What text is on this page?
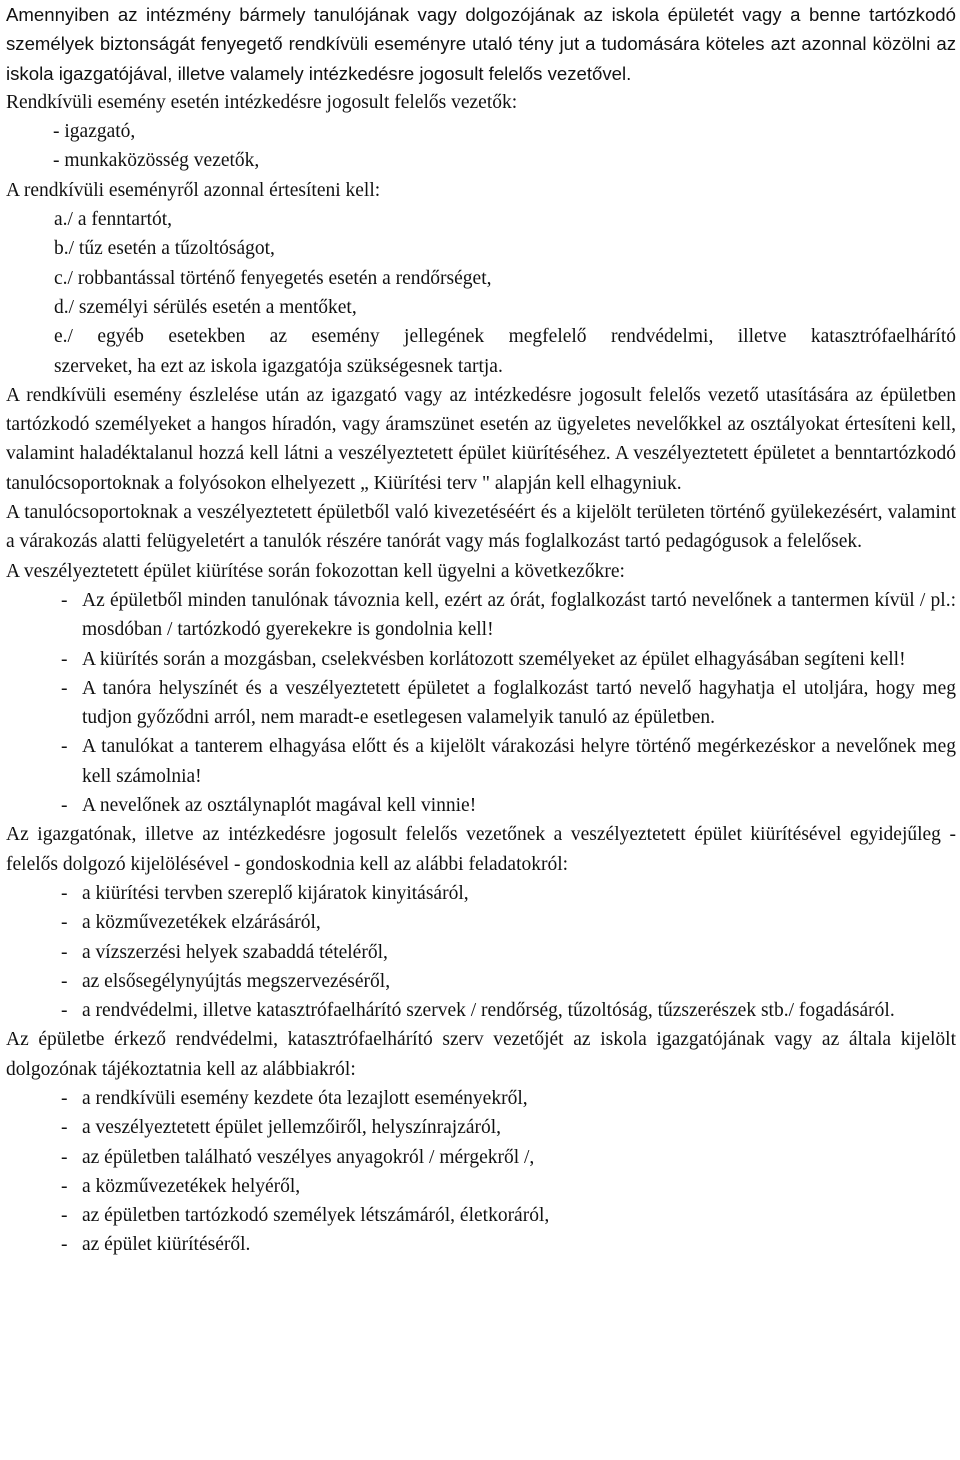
Amennyiben az intézmény bármely tanulójának vagy dolgozójának az iskola épületét vagy a benne tartózkodó személyek biztonságát fenyegető rendkívüli eseményre utaló tény jut a tudomására köteles azt azonnal közölni az iskola igazgatójával, illetve valamely intézkedésre jogosult felelős vezetővel.

Rendkívüli esemény esetén intézkedésre jogosult felelős vezetők:

- igazgató,

- munkaközösség vezetők,

A rendkívüli eseményről azonnal értesíteni kell:

a./ a fenntartót,

b./ tűz esetén a tűzoltóságot,

c./ robbantással történő fenyegetés esetén a rendőrséget,

d./ személyi sérülés esetén a mentőket,

e./ egyéb esetekben az esemény jellegének megfelelő rendvédelmi, illetve katasztrófaelhárító

szerveket, ha ezt az iskola igazgatója szükségesnek tartja.

A rendkívüli esemény észlelése után az igazgató vagy az intézkedésre jogosult felelős vezető utasítására az épületben tartózkodó személyeket a hangos híradón, vagy áramszünet esetén az ügyeletes nevelőkkel az osztályokat értesíteni kell, valamint haladéktalanul hozzá kell látni a veszélyeztetett épület kiürítéséhez. A veszélyeztetett épületet a benntartózkodó tanulócsoportoknak a folyósokon elhelyezett „ Kiürítési terv " alapján kell elhagyniuk.

A tanulócsoportoknak a veszélyeztetett épületből való kivezetéséért és a kijelölt területen történő gyülekezésért, valamint a várakozás alatti felügyeletért a tanulók részére tanórát vagy más foglalkozást tartó pedagógusok a felelősek.

A veszélyeztetett épület kiürítése során fokozottan kell ügyelni a következőkre:

- Az épületből minden tanulónak távoznia kell, ezért az órát, foglalkozást tartó nevelőnek a tantermen kívül / pl.: mosdóban / tartózkodó gyerekekre is gondolnia kell!

- A kiürítés során a mozgásban, cselekvésben korlátozott személyeket az épület elhagyásában segíteni kell!

- A tanóra helyszínét és a veszélyeztetett épületet a foglalkozást tartó nevelő hagyhatja el utoljára, hogy meg tudjon győződni arról, nem maradt-e esetlegesen valamelyik tanuló az épületben.

- A tanulókat a tanterem elhagyása előtt és a kijelölt várakozási helyre történő megérkezéskor a nevelőnek meg kell számolnia!

- A nevelőnek az osztálynaplót magával kell vinnie!

Az igazgatónak, illetve az intézkedésre jogosult felelős vezetőnek a veszélyeztetett épület kiürítésével egyidejűleg - felelős dolgozó kijelölésével - gondoskodnia kell az alábbi feladatokról:

- a kiürítési tervben szereplő kijáratok kinyitásáról,

- a közművezetékek elzárásáról,

- a vízszerzési helyek szabaddá tételéről,

- az elsősegélynyújtás megszervezéséről,

- a rendvédelmi, illetve katasztrófaelhárító szervek / rendőrség, tűzoltóság, tűzszerészek stb./ fogadásáról.

Az épületbe érkező rendvédelmi, katasztrófaelhárító szerv vezetőjét az iskola igazgatójának vagy az általa kijelölt dolgozónak tájékoztatnia kell az alábbiakról:

- a rendkívüli esemény kezdete óta lezajlott eseményekről,

- a veszélyeztetett épület jellemzőiről, helyszínrajzáról,

- az épületben található veszélyes anyagokról / mérgekről /,

- a közművezetékek helyéről,

- az épületben tartózkodó személyek létszámáról, életkoráról,

- az épület kiürítéséről.
